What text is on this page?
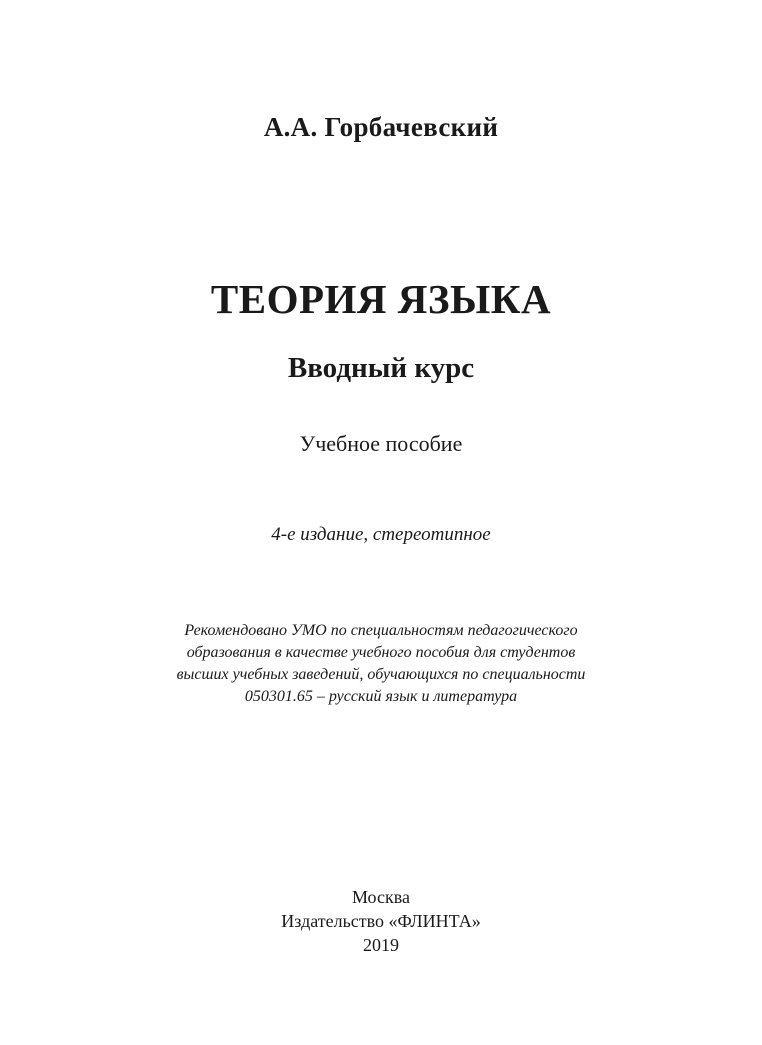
А.А. Горбачевский
ТЕОРИЯ ЯЗЫКА
Вводный курс
Учебное пособие
4-е издание, стереотипное
Рекомендовано УМО по специальностям педагогического
образования в качестве учебного пособия для студентов
высших учебных заведений, обучающихся по специальности
050301.65 – русский язык и литература
Москва
Издательство «ФЛИНТА»
2019
